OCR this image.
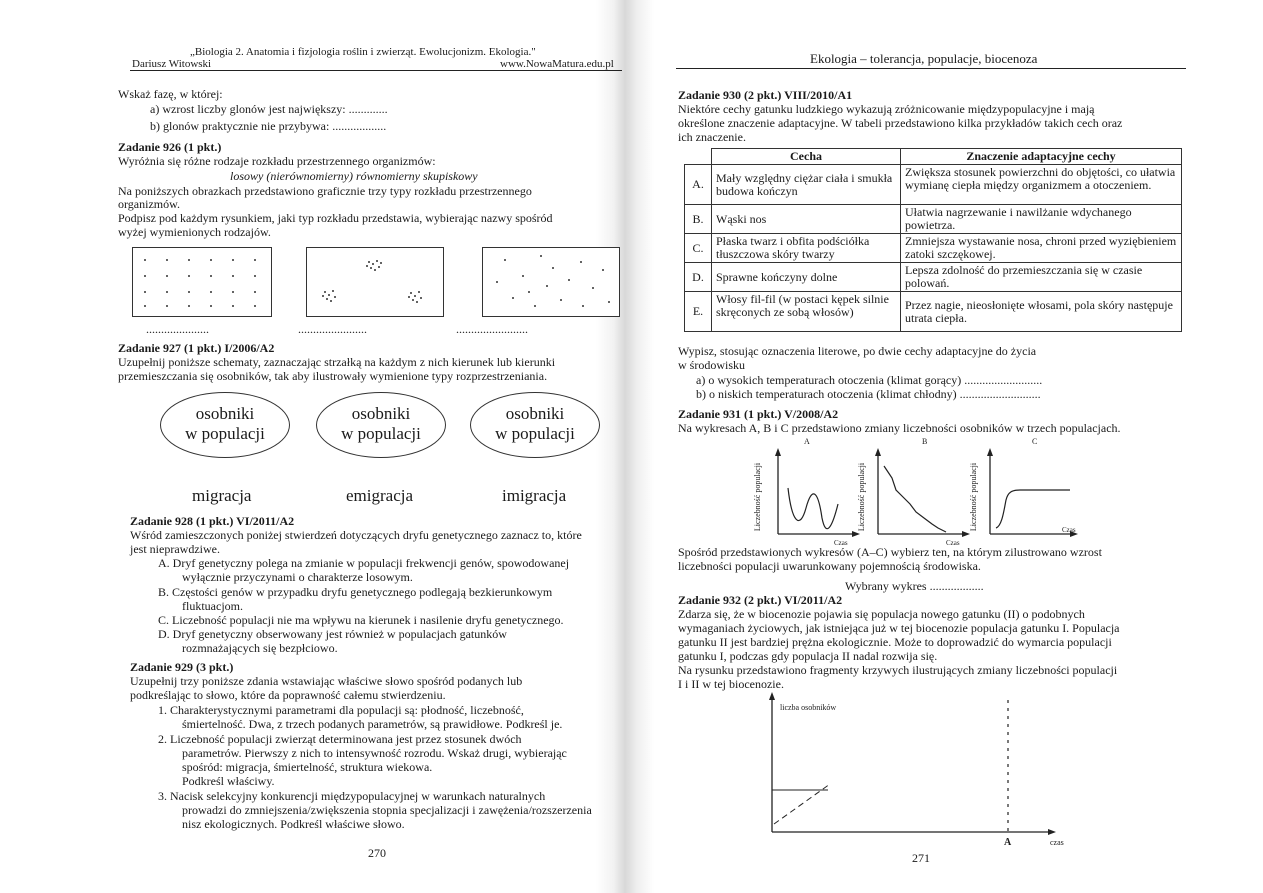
„Biologia 2. Anatomia i fizjologia roślin i zwierząt. Ewolucjonizm. Ekologia."
Dariusz Witowski	www.NowaMatura.edu.pl
Wskaż fazę, w której:
a) wzrost liczby glonów jest największy: .............
b) glonów praktycznie nie przybywa: ..................
Zadanie 926 (1 pkt.)
Wyróżnia się różne rodzaje rozkładu przestrzennego organizmów:
losowy (nierównomierny) równomierny skupiskowy
Na poniższych obrazkach przedstawiono graficznie trzy typy rozkładu przestrzennego
organizmów.
Podpisz pod każdym rysunkiem, jaki typ rozkładu przedstawia, wybierając nazwy spośród
wyżej wymienionych rodzajów.
.....................	.......................	........................
Zadanie 927 (1 pkt.) I/2006/A2
Uzupełnij poniższe schematy, zaznaczając strzałką na każdym z nich kierunek lub kierunki
przemieszczania się osobników, tak aby ilustrowały wymienione typy rozprzestrzeniania.
osobniki
w populacji
osobniki
w populacji
osobniki
w populacji
migracja	emigracja	imigracja
Zadanie 928 (1 pkt.) VI/2011/A2
Wśród zamieszczonych poniżej stwierdzeń dotyczących dryfu genetycznego zaznacz to, które
jest nieprawdziwe.
A. Dryf genetyczny polega na zmianie w populacji frekwencji genów, spowodowanej
wyłącznie przyczynami o charakterze losowym.
B. Częstości genów w przypadku dryfu genetycznego podlegają bezkierunkowym
fluktuacjom.
C. Liczebność populacji nie ma wpływu na kierunek i nasilenie dryfu genetycznego.
D. Dryf genetyczny obserwowany jest również w populacjach gatunków
rozmnażających się bezpłciowo.
Zadanie 929 (3 pkt.)
Uzupełnij trzy poniższe zdania wstawiając właściwe słowo spośród podanych lub
podkreślając to słowo, które da poprawność całemu stwierdzeniu.
1. Charakterystycznymi parametrami dla populacji są: płodność, liczebność,
śmiertelność. Dwa, z trzech podanych parametrów, są prawidłowe. Podkreśl je.
2. Liczebność populacji zwierząt determinowana jest przez stosunek dwóch
parametrów. Pierwszy z nich to intensywność rozrodu. Wskaż drugi, wybierając
spośród: migracja, śmiertelność, struktura wiekowa.
Podkreśl właściwy.
3. Nacisk selekcyjny konkurencji międzypopulacyjnej w warunkach naturalnych
prowadzi do zmniejszenia/zwiększenia stopnia specjalizacji i zawężenia/rozszerzenia
nisz ekologicznych. Podkreśl właściwe słowo.
270
Ekologia – tolerancja, populacje, biocenoza
Zadanie 930 (2 pkt.) VIII/2010/A1
Niektóre cechy gatunku ludzkiego wykazują zróżnicowanie międzypopulacyjne i mają
określone znaczenie adaptacyjne. W tabeli przedstawiono kilka przykładów takich cech oraz
ich znaczenie.
	Cecha	Znaczenie adaptacyjne cechy
A.	Mały względny ciężar ciała i smukła budowa kończyn	Zwiększa stosunek powierzchni do objętości, co ułatwia wymianę ciepła między organizmem a otoczeniem.
B.	Wąski nos	Ułatwia nagrzewanie i nawilżanie wdychanego powietrza.
C.	Płaska twarz i obfita podściółka tłuszczowa skóry twarzy	Zmniejsza wystawanie nosa, chroni przed wyziębieniem zatoki szczękowej.
D.	Sprawne kończyny dolne	Lepsza zdolność do przemieszczania się w czasie polowań.
E.	Włosy fil-fil (w postaci kępek silnie skręconych ze sobą włosów)	Przez nagie, nieosłonięte włosami, pola skóry następuje utrata ciepła.
Wypisz, stosując oznaczenia literowe, po dwie cechy adaptacyjne do życia
w środowisku
a) o wysokich temperaturach otoczenia (klimat gorący) ..........................
b) o niskich temperaturach otoczenia (klimat chłodny) ...........................
Zadanie 931 (1 pkt.) V/2008/A2
Na wykresach A, B i C przedstawiono zmiany liczebności osobników w trzech populacjach.
A	B	C
Liczebność populacji
Czas
Liczebność populacji
Czas
Liczebność populacji	Czas
Spośród przedstawionych wykresów (A–C) wybierz ten, na którym zilustrowano wzrost
liczebności populacji uwarunkowany pojemnością środowiska.
Wybrany wykres ..................
Zadanie 932 (2 pkt.) VI/2011/A2
Zdarza się, że w biocenozie pojawia się populacja nowego gatunku (II) o podobnych
wymaganiach życiowych, jak istniejąca już w tej biocenozie populacja gatunku I. Populacja
gatunku II jest bardziej prężna ekologicznie. Może to doprowadzić do wymarcia populacji
gatunku I, podczas gdy populacja II nadal rozwija się.
Na rysunku przedstawiono fragmenty krzywych ilustrujących zmiany liczebności populacji
I i II w tej biocenozie.
liczba osobników
A	czas
271
